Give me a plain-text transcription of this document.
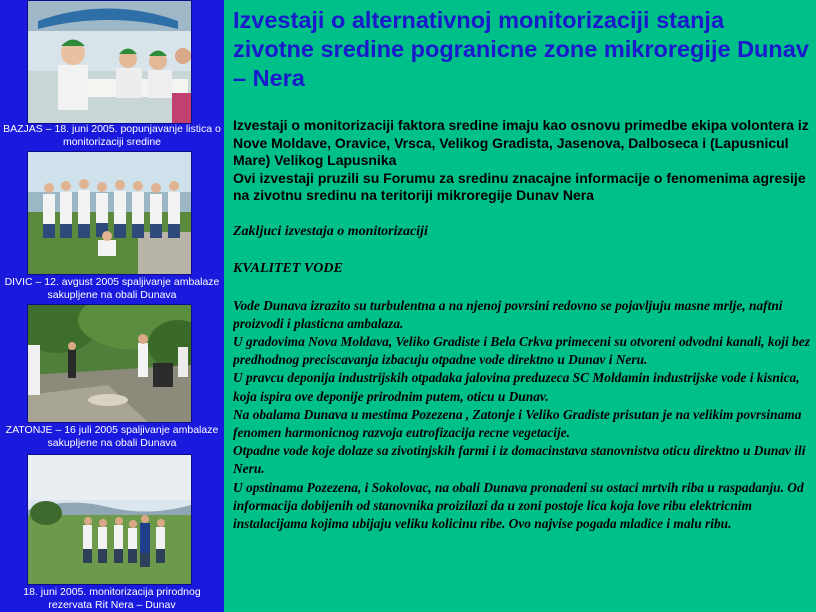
BAZJAS – 18. juni 2005. popunjavanje listica o monitorizaciji sredine
DIVIC – 12. avgust 2005 spaljivanje ambalaze sakupljene na obali Dunava
ZATONJE – 16 juli 2005 spaljivanje ambalaze sakupljene na obali Dunava
18. juni 2005. monitorizacija prirodnog rezervata Rit Nera – Dunav
Izvestaji o alternativnoj monitorizaciji stanja zivotne sredine pogranicne zone mikroregije Dunav – Nera
Izvestaji o monitorizaciji faktora sredine imaju kao osnovu primedbe ekipa volontera iz Nove Moldave, Oravice, Vrsca, Velikog Gradista, Jasenova, Dalboseca i (Lapusnicul Mare) Velikog Lapusnika
Ovi izvestaji pruzili su Forumu za sredinu znacajne informacije o fenomenima agresije na zivotnu sredinu na teritoriji mikroregije Dunav Nera
Zakljuci izvestaja o monitorizaciji
KVALITET VODE
Vode Dunava izrazito su turbulentna a na njenoj povrsini redovno se pojavljuju masne mrlje, naftni proizvodi i plasticna ambalaza.
U gradovima Nova Moldava, Veliko Gradiste i Bela Crkva primeceni su otvoreni odvodni kanali, koji bez predhodnog preciscavanja izbacuju otpadne vode direktno u Dunav i Neru.
U pravcu deponija industrijskih otpadaka jalovina preduzeca SC Moldamin industrijske vode i kisnica, koja ispira ove deponije prirodnim putem, oticu u Dunav.
Na obalama Dunava u mestima Pozezena , Zatonje i Veliko Gradiste prisutan je na velikim povrsinama fenomen harmonicnog razvoja eutrofizacija recne vegetacije.
Otpadne vode koje dolaze sa zivotinjskih farmi i iz domacinstava stanovnistva oticu direktno u Dunav ili Neru.
U opstinama Pozezena, i Sokolovac, na obali Dunava pronadeni su ostaci mrtvih riba u raspadanju. Od informacija dobijenih od stanovnika proizilazi da u zoni postoje lica koja love ribu elektricnim instalacijama kojima ubijaju veliku kolicinu ribe. Ovo najvise pogada mladice i malu ribu.
